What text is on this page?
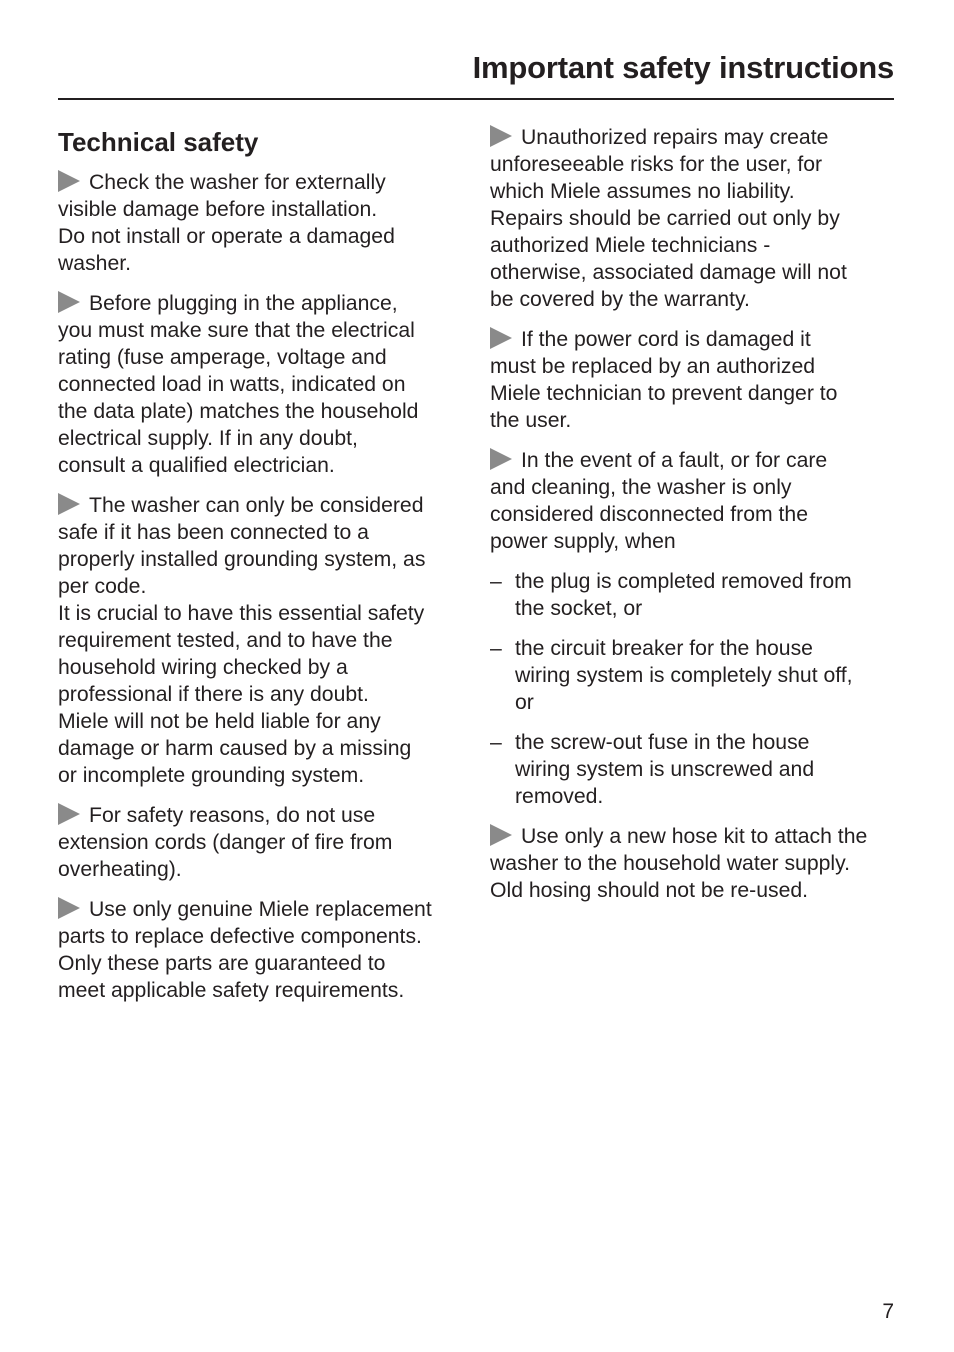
Important safety instructions
Technical safety

Check the washer for externally
visible damage before installation.
Do not install or operate a damaged
washer.

Before plugging in the appliance,
you must make sure that the electrical
rating (fuse amperage, voltage and
connected load in watts, indicated on
the data plate) matches the household
electrical supply. If in any doubt,
consult a qualified electrician.

The washer can only be considered
safe if it has been connected to a
properly installed grounding system, as
per code.
It is crucial to have this essential safety
requirement tested, and to have the
household wiring checked by a
professional if there is any doubt.
Miele will not be held liable for any
damage or harm caused by a missing
or incomplete grounding system.

For safety reasons, do not use
extension cords (danger of fire from
overheating).

Use only genuine Miele replacement
parts to replace defective components.
Only these parts are guaranteed to
meet applicable safety requirements.

Unauthorized repairs may create
unforeseeable risks for the user, for
which Miele assumes no liability.
Repairs should be carried out only by
authorized Miele technicians -
otherwise, associated damage will not
be covered by the warranty.

If the power cord is damaged it
must be replaced by an authorized
Miele technician to prevent danger to
the user.

In the event of a fault, or for care
and cleaning, the washer is only
considered disconnected from the
power supply, when

– the plug is completed removed from
the socket, or
– the circuit breaker for the house
wiring system is completely shut off,
or
– the screw-out fuse in the house
wiring system is unscrewed and
removed.

Use only a new hose kit to attach the
washer to the household water supply.
Old hosing should not be re-used.

7
